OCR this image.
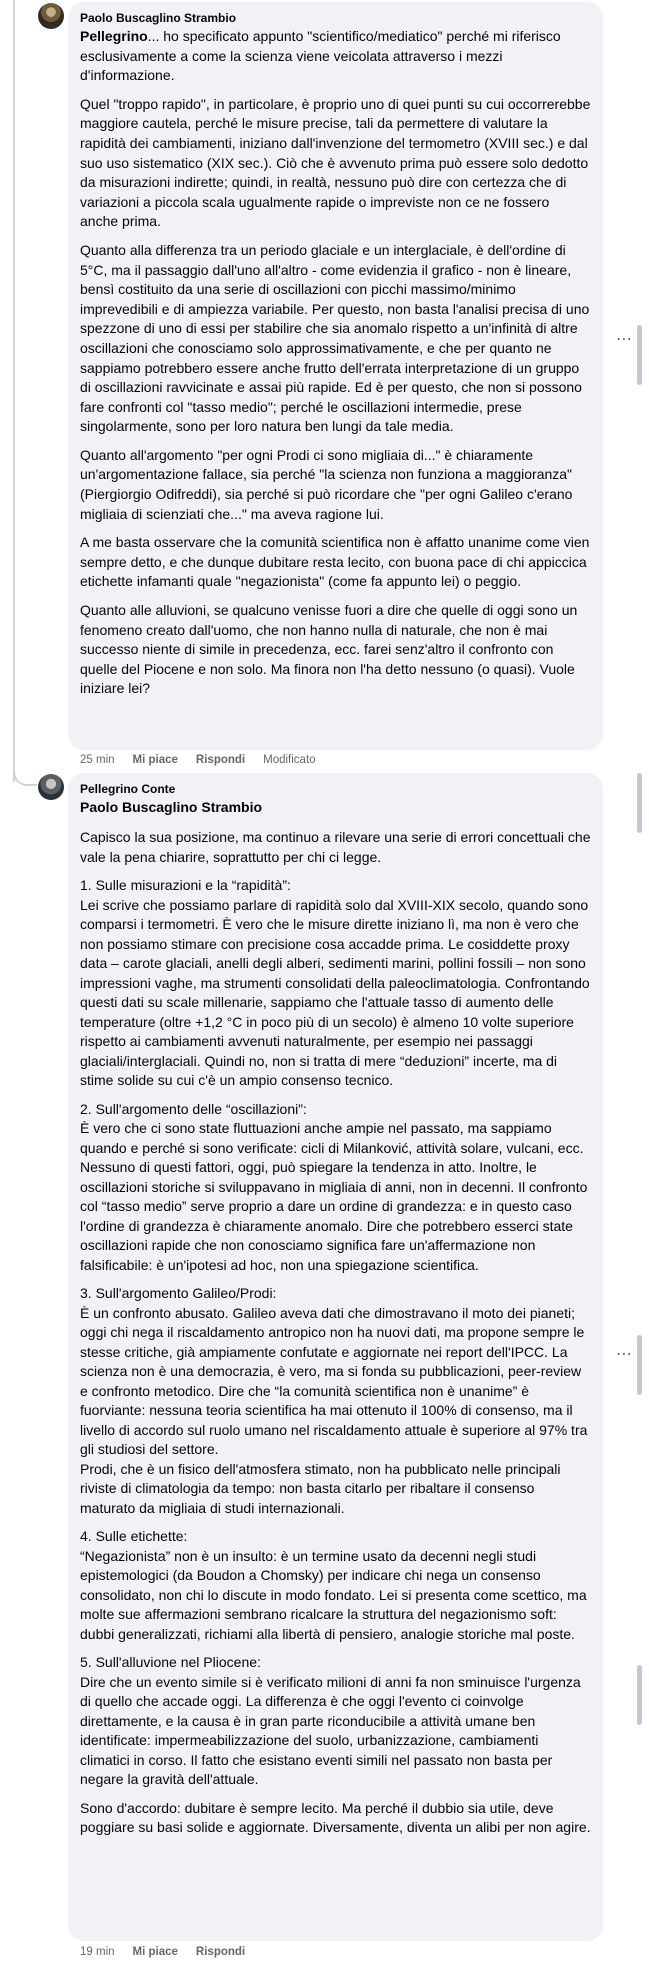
Paolo Buscaglino Strambio

Pellegrino... ho specificato appunto "scientifico/mediatico" perché mi riferisco esclusivamente a come la scienza viene veicolata attraverso i mezzi d'informazione.

Quel "troppo rapido", in particolare, è proprio uno di quei punti su cui occorrerebbe maggiore cautela, perché le misure precise, tali da permettere di valutare la rapidità dei cambiamenti, iniziano dall'invenzione del termometro (XVIII sec.) e dal suo uso sistematico (XIX sec.). Ciò che è avvenuto prima può essere solo dedotto da misurazioni indirette; quindi, in realtà, nessuno può dire con certezza che di variazioni a piccola scala ugualmente rapide o impreviste non ce ne fossero anche prima.

Quanto alla differenza tra un periodo glaciale e un interglaciale, è dell'ordine di 5°C, ma il passaggio dall'uno all'altro - come evidenzia il grafico - non è lineare, bensì costituito da una serie di oscillazioni con picchi massimo/minimo imprevedibili e di ampiezza variabile. Per questo, non basta l'analisi precisa di uno spezzone di uno di essi per stabilire che sia anomalo rispetto a un'infinità di altre oscillazioni che conosciamo solo approssimativamente, e che per quanto ne sappiamo potrebbero essere anche frutto dell'errata interpretazione di un gruppo di oscillazioni ravvicinate e assai più rapide. Ed è per questo, che non si possono fare confronti col "tasso medio"; perché le oscillazioni intermedie, prese singolarmente, sono per loro natura ben lungi da tale media.

Quanto all'argomento "per ogni Prodi ci sono migliaia di..." è chiaramente un'argomentazione fallace, sia perché "la scienza non funziona a maggioranza" (Piergiorgio Odifreddi), sia perché si può ricordare che "per ogni Galileo c'erano migliaia di scienziati che..." ma aveva ragione lui.

A me basta osservare che la comunità scientifica non è affatto unanime come vien sempre detto, e che dunque dubitare resta lecito, con buona pace di chi appiccica etichette infamanti quale "negazionista" (come fa appunto lei) o peggio.

Quanto alle alluvioni, se qualcuno venisse fuori a dire che quelle di oggi sono un fenomeno creato dall'uomo, che non hanno nulla di naturale, che non è mai successo niente di simile in precedenza, ecc. farei senz'altro il confronto con quelle del Piocene e non solo. Ma finora non l'ha detto nessuno (o quasi). Vuole iniziare lei?

⋯
25 min Mi piace Rispondi Modificato
Pellegrino Conte
Paolo Buscaglino Strambio

Capisco la sua posizione, ma continuo a rilevare una serie di errori concettuali che vale la pena chiarire, soprattutto per chi ci legge.

1. Sulle misurazioni e la “rapidità”:
Lei scrive che possiamo parlare di rapidità solo dal XVIII-XIX secolo, quando sono comparsi i termometri. È vero che le misure dirette iniziano lì, ma non è vero che non possiamo stimare con precisione cosa accadde prima. Le cosiddette proxy data – carote glaciali, anelli degli alberi, sedimenti marini, pollini fossili – non sono impressioni vaghe, ma strumenti consolidati della paleoclimatologia. Confrontando questi dati su scale millenarie, sappiamo che l'attuale tasso di aumento delle temperature (oltre +1,2 °C in poco più di un secolo) è almeno 10 volte superiore rispetto ai cambiamenti avvenuti naturalmente, per esempio nei passaggi glaciali/interglaciali. Quindi no, non si tratta di mere “deduzioni” incerte, ma di stime solide su cui c'è un ampio consenso tecnico.

2. Sull'argomento delle “oscillazioni”:
È vero che ci sono state fluttuazioni anche ampie nel passato, ma sappiamo quando e perché si sono verificate: cicli di Milanković, attività solare, vulcani, ecc. Nessuno di questi fattori, oggi, può spiegare la tendenza in atto. Inoltre, le oscillazioni storiche si sviluppavano in migliaia di anni, non in decenni. Il confronto col “tasso medio” serve proprio a dare un ordine di grandezza: e in questo caso l'ordine di grandezza è chiaramente anomalo. Dire che potrebbero esserci state oscillazioni rapide che non conosciamo significa fare un'affermazione non falsificabile: è un'ipotesi ad hoc, non una spiegazione scientifica.

3. Sull'argomento Galileo/Prodi:
È un confronto abusato. Galileo aveva dati che dimostravano il moto dei pianeti; oggi chi nega il riscaldamento antropico non ha nuovi dati, ma propone sempre le stesse critiche, già ampiamente confutate e aggiornate nei report dell'IPCC. La scienza non è una democrazia, è vero, ma si fonda su pubblicazioni, peer-review e confronto metodico. Dire che “la comunità scientifica non è unanime” è fuorviante: nessuna teoria scientifica ha mai ottenuto il 100% di consenso, ma il livello di accordo sul ruolo umano nel riscaldamento attuale è superiore al 97% tra gli studiosi del settore.
Prodi, che è un fisico dell'atmosfera stimato, non ha pubblicato nelle principali riviste di climatologia da tempo: non basta citarlo per ribaltare il consenso maturato da migliaia di studi internazionali.

4. Sulle etichette:
“Negazionista” non è un insulto: è un termine usato da decenni negli studi epistemologici (da Boudon a Chomsky) per indicare chi nega un consenso consolidato, non chi lo discute in modo fondato. Lei si presenta come scettico, ma molte sue affermazioni sembrano ricalcare la struttura del negazionismo soft: dubbi generalizzati, richiami alla libertà di pensiero, analogie storiche mal poste.

5. Sull'alluvione nel Pliocene:
Dire che un evento simile si è verificato milioni di anni fa non sminuisce l'urgenza di quello che accade oggi. La differenza è che oggi l'evento ci coinvolge direttamente, e la causa è in gran parte riconducibile a attività umane ben identificate: impermeabilizzazione del suolo, urbanizzazione, cambiamenti climatici in corso. Il fatto che esistano eventi simili nel passato non basta per negare la gravità dell'attuale.

Sono d'accordo: dubitare è sempre lecito. Ma perché il dubbio sia utile, deve poggiare su basi solide e aggiornate. Diversamente, diventa un alibi per non agire.

⋯
19 min Mi piace Rispondi
